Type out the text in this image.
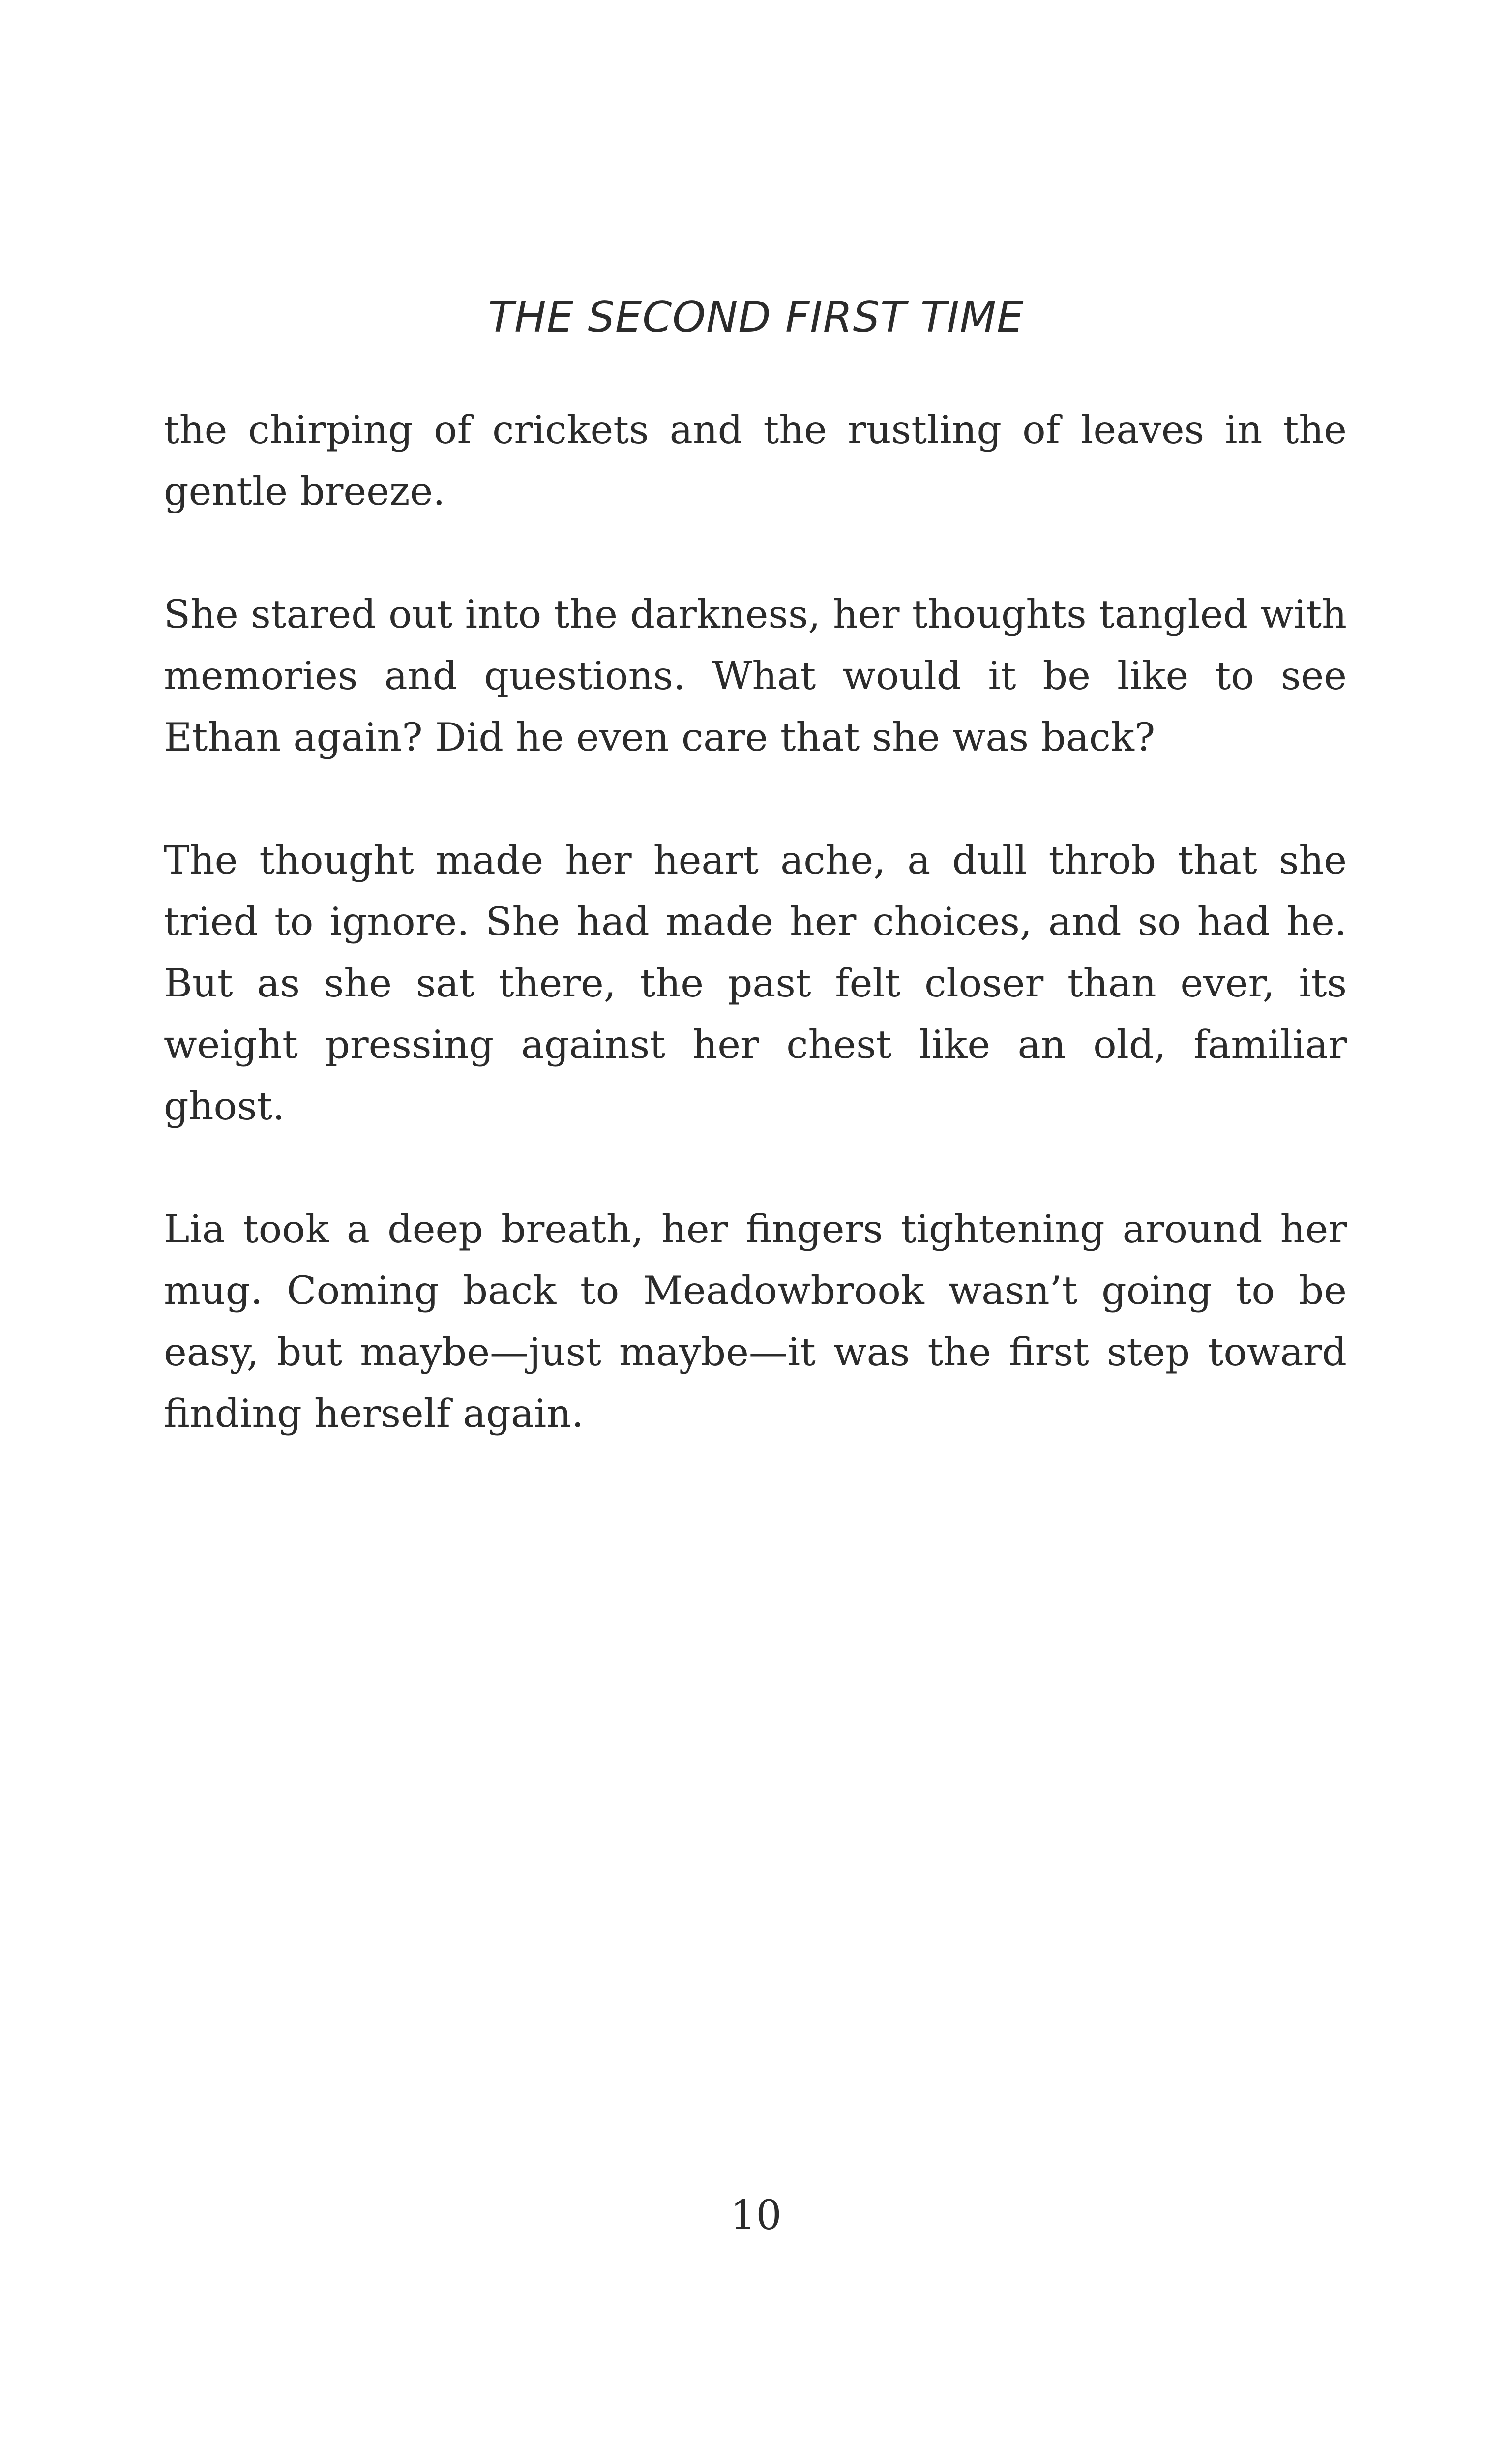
THE SECOND FIRST TIME

the chirping of crickets and the rustling of leaves in the gentle breeze.

She stared out into the darkness, her thoughts tangled with memories and questions. What would it be like to see Ethan again? Did he even care that she was back?

The thought made her heart ache, a dull throb that she tried to ignore. She had made her choices, and so had he. But as she sat there, the past felt closer than ever, its weight pressing against her chest like an old, familiar ghost.

Lia took a deep breath, her fingers tightening around her mug. Coming back to Meadowbrook wasn’t going to be easy, but maybe—just maybe—it was the first step toward finding herself again.

10
